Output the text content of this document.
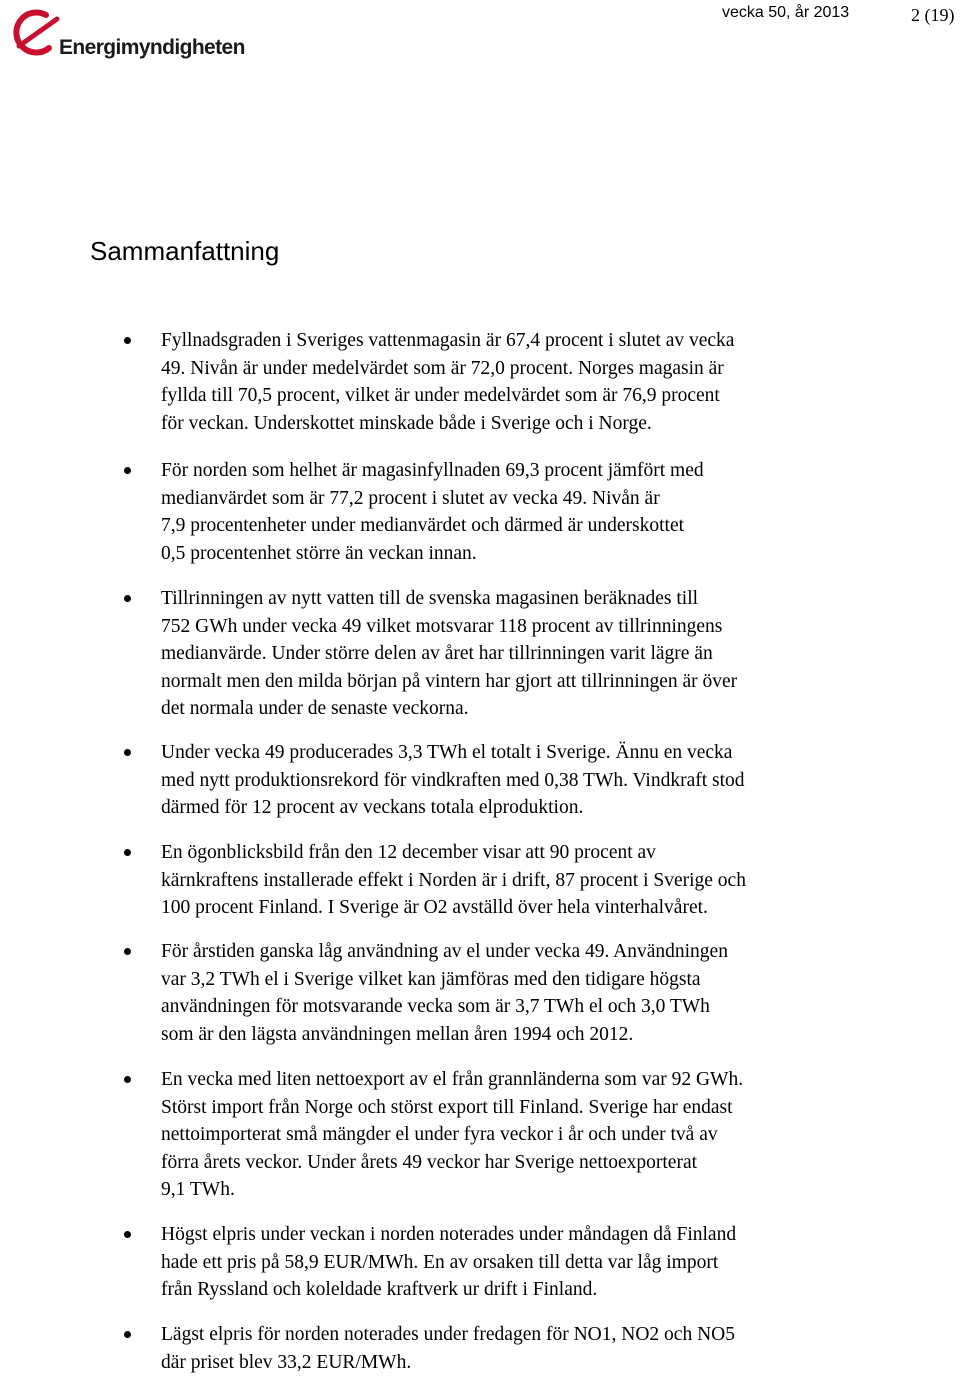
Energimyndigheten
vecka 50, år 2013	2 (19)
Sammanfattning
Fyllnadsgraden i Sveriges vattenmagasin är 67,4 procent i slutet av vecka
49. Nivån är under medelvärdet som är 72,0 procent. Norges magasin är
fyllda till 70,5 procent, vilket är under medelvärdet som är 76,9 procent
för veckan. Underskottet minskade både i Sverige och i Norge.
För norden som helhet är magasinfyllnaden 69,3 procent jämfört med
medianvärdet som är 77,2 procent i slutet av vecka 49. Nivån är
7,9 procentenheter under medianvärdet och därmed är underskottet
0,5 procentenhet större än veckan innan.
Tillrinningen av nytt vatten till de svenska magasinen beräknades till
752 GWh under vecka 49 vilket motsvarar 118 procent av tillrinningens
medianvärde. Under större delen av året har tillrinningen varit lägre än
normalt men den milda början på vintern har gjort att tillrinningen är över
det normala under de senaste veckorna.
Under vecka 49 producerades 3,3 TWh el totalt i Sverige. Ännu en vecka
med nytt produktionsrekord för vindkraften med 0,38 TWh. Vindkraft stod
därmed för 12 procent av veckans totala elproduktion.
En ögonblicksbild från den 12 december visar att 90 procent av
kärnkraftens installerade effekt i Norden är i drift, 87 procent i Sverige och
100 procent Finland. I Sverige är O2 avställd över hela vinterhalvåret.
För årstiden ganska låg användning av el under vecka 49. Användningen
var 3,2 TWh el i Sverige vilket kan jämföras med den tidigare högsta
användningen för motsvarande vecka som är 3,7 TWh el och 3,0 TWh
som är den lägsta användningen mellan åren 1994 och 2012.
En vecka med liten nettoexport av el från grannländerna som var 92 GWh.
Störst import från Norge och störst export till Finland. Sverige har endast
nettoimporterat små mängder el under fyra veckor i år och under två av
förra årets veckor. Under årets 49 veckor har Sverige nettoexporterat
9,1 TWh.
Högst elpris under veckan i norden noterades under måndagen då Finland
hade ett pris på 58,9 EUR/MWh. En av orsaken till detta var låg import
från Ryssland och koleldade kraftverk ur drift i Finland.
Lägst elpris för norden noterades under fredagen för NO1, NO2 och NO5
där priset blev 33,2 EUR/MWh.
